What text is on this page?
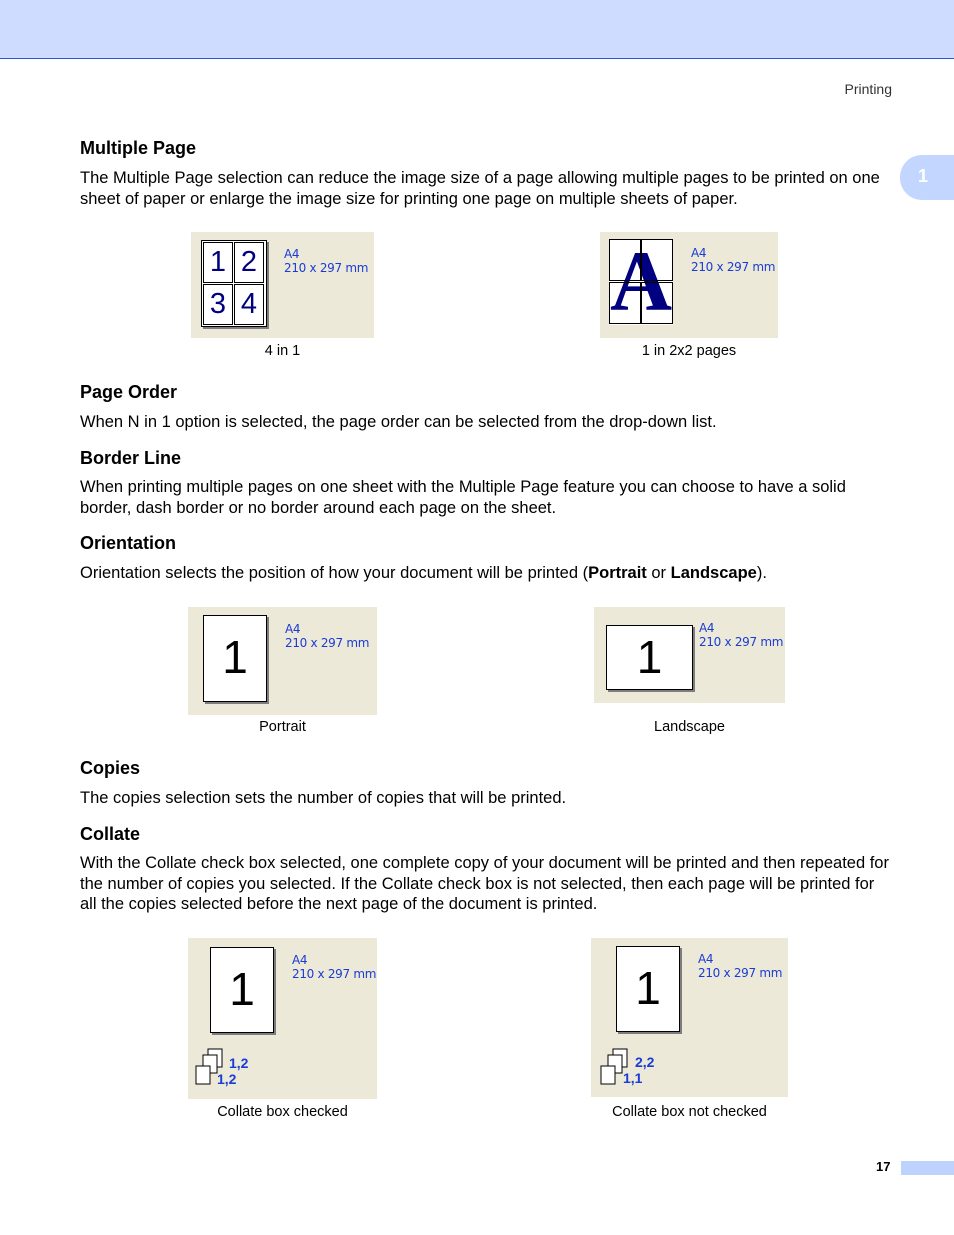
Printing
1
Multiple Page

The Multiple Page selection can reduce the image size of a page allowing multiple pages to be printed on one sheet of paper or enlarge the image size for printing one page on multiple sheets of paper.

1 2
3 4
A4
210 x 297 mm
4 in 1
A A4
210 x 297 mm
1 in 2x2 pages
Page Order

When N in 1 option is selected, the page order can be selected from the drop-down list.

Border Line

When printing multiple pages on one sheet with the Multiple Page feature you can choose to have a solid border, dash border or no border around each page on the sheet.

Orientation

Orientation selects the position of how your document will be printed (Portrait or Landscape).

1
A4
210 x 297 mm
Portrait
1
A4
210 x 297 mm
Landscape
Copies

The copies selection sets the number of copies that will be printed.

Collate

With the Collate check box selected, one complete copy of your document will be printed and then repeated for the number of copies you selected. If the Collate check box is not selected, then each page will be printed for all the copies selected before the next page of the document is printed.

1
A4
210 x 297 mm
1,2
1,2
Collate box checked
1
A4
210 x 297 mm
2,2
1,1
Collate box not checked
17
